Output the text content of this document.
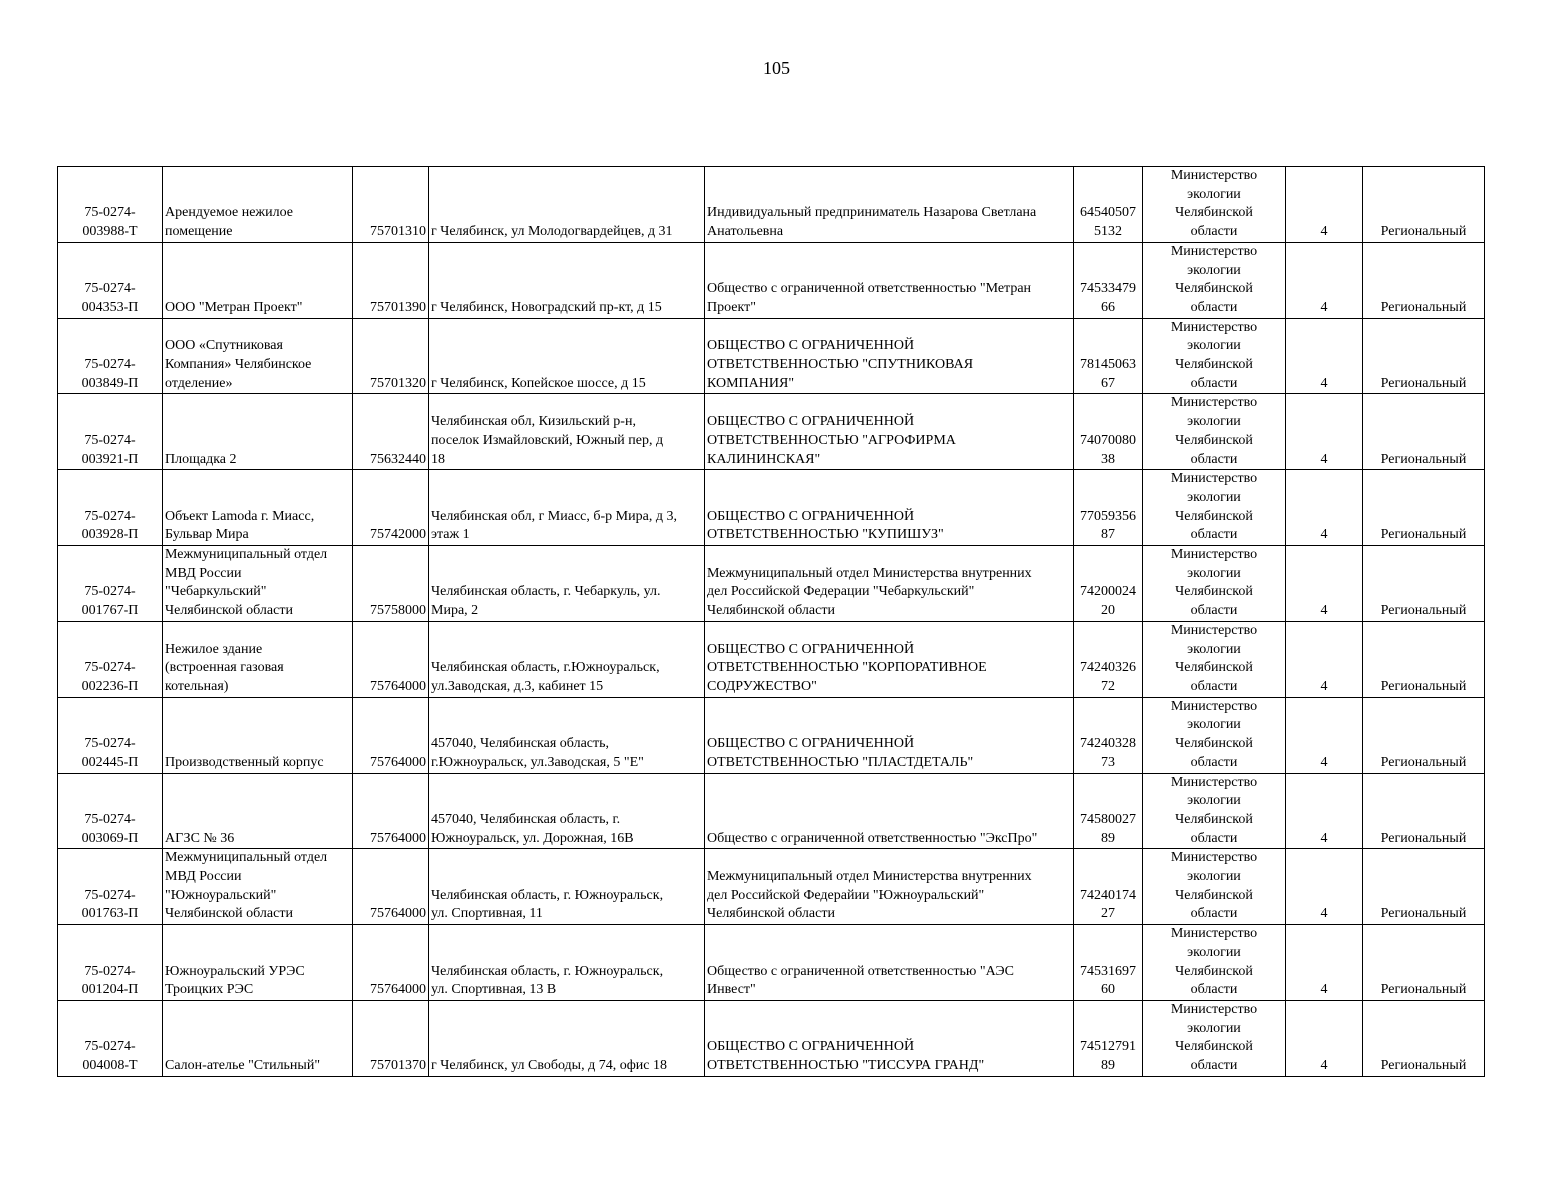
105
75-0274-
003988-Т	Арендуемое нежилое
помещение	75701310	г Челябинск, ул Молодогвардейцев, д 31	Индивидуальный предприниматель Назарова Светлана
Анатольевна	64540507
5132	Министерство
экологии
Челябинской
области	4	Региональный
75-0274-
004353-П	ООО "Метран Проект"	75701390	г Челябинск, Новоградский пр-кт, д 15	Общество с ограниченной ответственностью "Метран
Проект"	74533479
66	Министерство
экологии
Челябинской
области	4	Региональный
75-0274-
003849-П	ООО «Спутниковая
Компания» Челябинское
отделение»	75701320	г Челябинск, Копейское шоссе, д 15	ОБЩЕСТВО С ОГРАНИЧЕННОЙ
ОТВЕТСТВЕННОСТЬЮ "СПУТНИКОВАЯ
КОМПАНИЯ"	78145063
67	Министерство
экологии
Челябинской
области	4	Региональный
75-0274-
003921-П	Площадка 2	75632440	Челябинская обл, Кизильский р-н,
поселок Измайловский, Южный пер, д
18	ОБЩЕСТВО С ОГРАНИЧЕННОЙ
ОТВЕТСТВЕННОСТЬЮ "АГРОФИРМА
КАЛИНИНСКАЯ"	74070080
38	Министерство
экологии
Челябинской
области	4	Региональный
75-0274-
003928-П	Объект Lamoda г. Миасс,
Бульвар Мира	75742000	Челябинская обл, г Миасс, б-р Мира, д 3,
этаж 1	ОБЩЕСТВО С ОГРАНИЧЕННОЙ
ОТВЕТСТВЕННОСТЬЮ "КУПИШУЗ"	77059356
87	Министерство
экологии
Челябинской
области	4	Региональный
75-0274-
001767-П	Межмуниципальный отдел
МВД России
"Чебаркульский"
Челябинской области	75758000	Челябинская область, г. Чебаркуль, ул.
Мира, 2	Межмуниципальный отдел Министерства внутренних
дел Российской Федерации "Чебаркульский"
Челябинской области	74200024
20	Министерство
экологии
Челябинской
области	4	Региональный
75-0274-
002236-П	Нежилое здание
(встроенная газовая
котельная)	75764000	Челябинская область, г.Южноуральск,
ул.Заводская, д.3, кабинет 15	ОБЩЕСТВО С ОГРАНИЧЕННОЙ
ОТВЕТСТВЕННОСТЬЮ "КОРПОРАТИВНОЕ
СОДРУЖЕСТВО"	74240326
72	Министерство
экологии
Челябинской
области	4	Региональный
75-0274-
002445-П	Производственный корпус	75764000	457040, Челябинская область,
г.Южноуральск, ул.Заводская, 5 "Е"	ОБЩЕСТВО С ОГРАНИЧЕННОЙ
ОТВЕТСТВЕННОСТЬЮ "ПЛАСТДЕТАЛЬ"	74240328
73	Министерство
экологии
Челябинской
области	4	Региональный
75-0274-
003069-П	АГЗС № 36	75764000	457040, Челябинская область, г.
Южноуральск, ул. Дорожная, 16В	Общество с ограниченной ответственностью "ЭксПро"	74580027
89	Министерство
экологии
Челябинской
области	4	Региональный
75-0274-
001763-П	Межмуниципальный отдел
МВД России
"Южноуральский"
Челябинской области	75764000	Челябинская область, г. Южноуральск,
ул. Спортивная, 11	Межмуниципальный отдел Министерства внутренних
дел Российской Федерайии "Южноуральский"
Челябинской области	74240174
27	Министерство
экологии
Челябинской
области	4	Региональный
75-0274-
001204-П	Южноуральский УРЭС
Троицких РЭС	75764000	Челябинская область, г. Южноуральск,
ул. Спортивная, 13 В	Общество с ограниченной ответственностью "АЭС
Инвест"	74531697
60	Министерство
экологии
Челябинской
области	4	Региональный
75-0274-
004008-Т	Салон-ателье "Стильный"	75701370	г Челябинск, ул Свободы, д 74, офис 18	ОБЩЕСТВО С ОГРАНИЧЕННОЙ
ОТВЕТСТВЕННОСТЬЮ "ТИССУРА ГРАНД"	74512791
89	Министерство
экологии
Челябинской
области	4	Региональный
